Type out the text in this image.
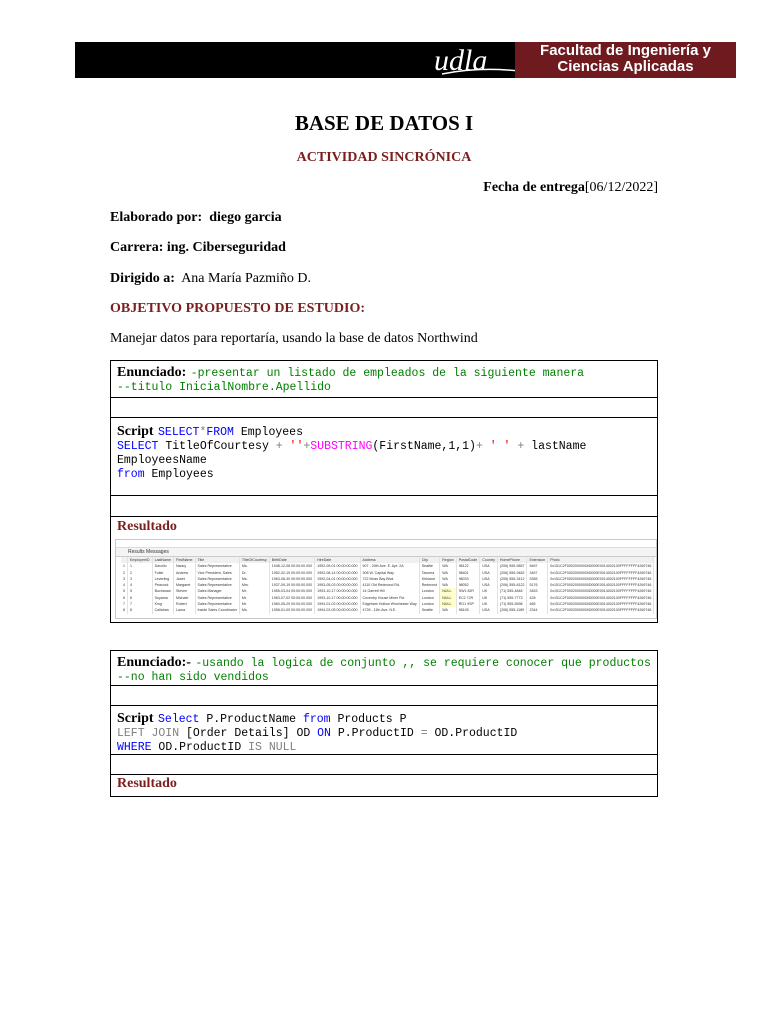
udla	Facultad de Ingeniería y
Ciencias Aplicadas
BASE DE DATOS I
ACTIVIDAD SINCRÓNICA
Fecha de entrega[06/12/2022]
Elaborado por: diego garcia
Carrera: ing. Ciberseguridad
Dirigido a: Ana María Pazmiño D.
OBJETIVO PROPUESTO DE ESTUDIO:
Manejar datos para reportaría, usando la base de datos Northwind
Enunciado: -presentar un listado de empleados de la siguiente manera
--titulo InicialNombre.Apellido
Script SELECT*FROM Employees
SELECT TitleOfCourtesy + ''+SUBSTRING(FirstName,1,1)+ ' ' + lastName
EmployeesName
from Employees
Resultado
Results Messages
	EmployeeID	LastName	FirstName	Title	TitleOfCourtesy	BirthDate	HireDate	Address	City	Region	PostalCode	Country	HomePhone	Extension	Photo
1	1	Davolio	Nancy	Sales Representative	Ms.	1948-12-08 00:00:00.000	1992-05-01 00:00:00.000	507 - 20th Ave. E. Apt. 2A	Seattle	WA	98122	USA	(206) 555-9857	5467	0x151C2F00020000000D000E0014002100FFFFFFFF4269746
2	2	Fuller	Andrew	Vice President, Sales	Dr.	1952-02-19 00:00:00.000	1992-08-14 00:00:00.000	908 W. Capital Way	Tacoma	WA	98401	USA	(206) 555-9482	3457	0x151C2F00020000000D000E0014002100FFFFFFFF4269746
3	3	Leverling	Janet	Sales Representative	Ms.	1963-08-30 00:00:00.000	1992-04-01 00:00:00.000	722 Moss Bay Blvd.	Kirkland	WA	98033	USA	(206) 555-3412	3355	0x151C2F00020000000D000E0014002100FFFFFFFF4269746
4	4	Peacock	Margaret	Sales Representative	Mrs.	1937-09-19 00:00:00.000	1993-05-03 00:00:00.000	4110 Old Redmond Rd.	Redmond	WA	98052	USA	(206) 555-8122	5176	0x151C2F00020000000D000E0014002100FFFFFFFF4269746
5	5	Buchanan	Steven	Sales Manager	Mr.	1955-03-04 00:00:00.000	1993-10-17 00:00:00.000	14 Garrett Hill	London	NULL	SW1 8JR	UK	(71) 555-4848	3453	0x151C2F00020000000D000E0014002100FFFFFFFF4269746
6	6	Suyama	Michael	Sales Representative	Mr.	1963-07-02 00:00:00.000	1993-10-17 00:00:00.000	Coventry House Miner Rd.	London	NULL	EC2 7JR	UK	(71) 555-7773	428	0x151C2F00020000000D000E0014002100FFFFFFFF4269746
7	7	King	Robert	Sales Representative	Mr.	1960-05-29 00:00:00.000	1994-01-02 00:00:00.000	Edgeham Hollow Winchester Way	London	NULL	RG1 9SP	UK	(71) 555-5598	465	0x151C2F00020000000D000E0014002100FFFFFFFF4269746
8	8	Callahan	Laura	Inside Sales Coordinator	Ms.	1958-01-09 00:00:00.000	1994-03-05 00:00:00.000	4726 - 11th Ave. N.E.	Seattle	WA	98105	USA	(206) 555-1189	2344	0x151C2F00020000000D000E0014002100FFFFFFFF4269746
Enunciado:- -usando la logica de conjunto ,, se requiere conocer que productos
--no han sido vendidos
Script Select P.ProductName from Products P
LEFT JOIN [Order Details] OD ON P.ProductID = OD.ProductID
WHERE OD.ProductID IS NULL
Resultado
